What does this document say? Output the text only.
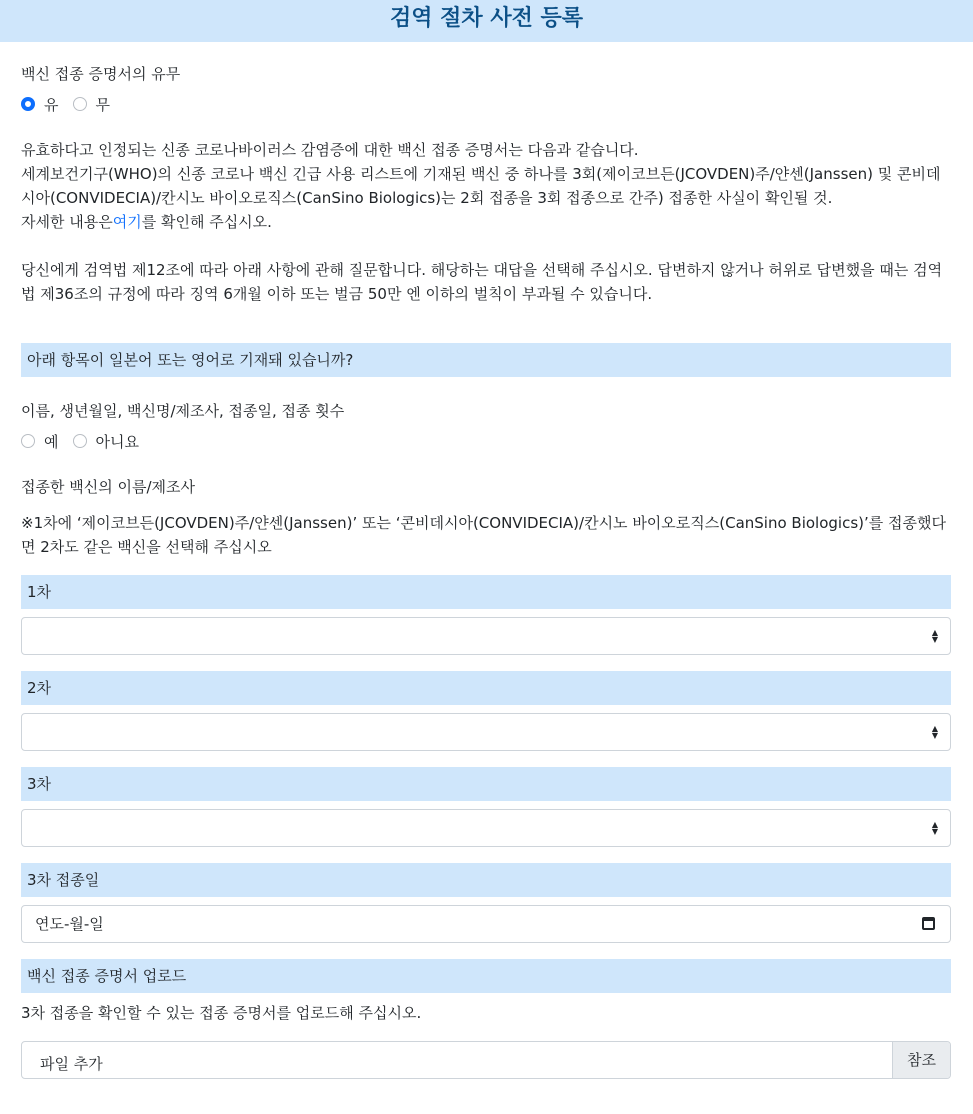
검역 절차 사전 등록
백신 접종 증명서의 유무
유 무

유효하다고 인정되는 신종 코로나바이러스 감염증에 대한 백신 접종 증명서는 다음과 같습니다.

세계보건기구(WHO)의 신종 코로나 백신 긴급 사용 리스트에 기재된 백신 중 하나를 3회(제이코브든(JCOVDEN)주/얀센(Janssen) 및 콘비데시아(CONVIDECIA)/칸시노 바이오로직스(CanSino Biologics)는 2회 접종을 3회 접종으로 간주) 접종한 사실이 확인될 것.

자세한 내용은여기를 확인해 주십시오.

당신에게 검역법 제12조에 따라 아래 사항에 관해 질문합니다. 해당하는 대답을 선택해 주십시오. 답변하지 않거나 허위로 답변했을 때는 검역법 제36조의 규정에 따라 징역 6개월 이하 또는 벌금 50만 엔 이하의 벌칙이 부과될 수 있습니다.

아래 항목이 일본어 또는 영어로 기재돼 있습니까?
이름, 생년월일, 백신명/제조사, 접종일, 접종 횟수
예 아니요
접종한 백신의 이름/제조사

※1차에 ‘제이코브든(JCOVDEN)주/얀센(Janssen)’ 또는 ‘콘비데시아(CONVIDECIA)/칸시노 바이오로직스(CanSino Biologics)’를 접종했다면 2차도 같은 백신을 선택해 주십시오

1차
▲
▼
2차
▲
▼
3차
▲
▼
3차 접종일
연도-월-일
백신 접종 증명서 업로드
3차 접종을 확인할 수 있는 접종 증명서를 업로드해 주십시오.
파일 추가	참조
